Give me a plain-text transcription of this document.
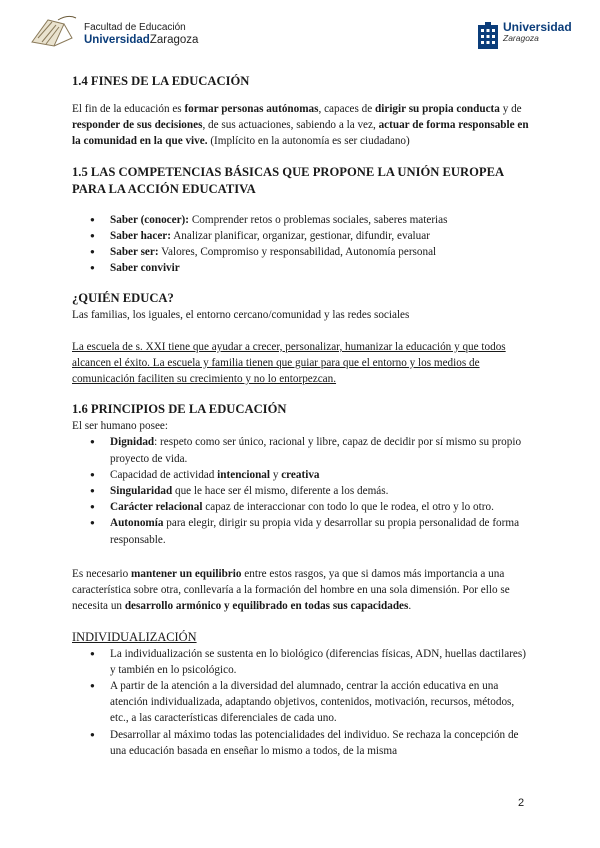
Facultad de Educación
UniversidadZaragoza
Universidad
Zaragoza
1.4 FINES DE LA EDUCACIÓN

El fin de la educación es formar personas autónomas, capaces de dirigir su propia conducta y de responder de sus decisiones, de sus actuaciones, sabiendo a la vez, actuar de forma responsable en la comunidad en la que vive. (Implícito en la autonomía es ser ciudadano)

1.5 LAS COMPETENCIAS BÁSICAS QUE PROPONE LA UNIÓN EUROPEA PARA LA ACCIÓN EDUCATIVA
● Saber (conocer): Comprender retos o problemas sociales, saberes materias
● Saber hacer: Analizar planificar, organizar, gestionar, difundir, evaluar
● Saber ser: Valores, Compromiso y responsabilidad, Autonomía personal
● Saber convivir
¿QUIÉN EDUCA?

Las familias, los iguales, el entorno cercano/comunidad y las redes sociales

La escuela de s. XXI tiene que ayudar a crecer, personalizar, humanizar la educación y que todos alcancen el éxito. La escuela y familia tienen que guiar para que el entorno y los medios de comunicación faciliten su crecimiento y no lo entorpezcan.

1.6 PRINCIPIOS DE LA EDUCACIÓN

El ser humano posee:

● Dignidad: respeto como ser único, racional y libre, capaz de decidir por sí mismo su propio proyecto de vida.
● Capacidad de actividad intencional y creativa
● Singularidad que le hace ser él mismo, diferente a los demás.
● Carácter relacional capaz de interaccionar con todo lo que le rodea, el otro y lo otro.
● Autonomía para elegir, dirigir su propia vida y desarrollar su propia personalidad de forma responsable.

Es necesario mantener un equilibrio entre estos rasgos, ya que si damos más importancia a una característica sobre otra, conllevaría a la formación del hombre en una sola dimensión. Por ello se necesita un desarrollo armónico y equilibrado en todas sus capacidades.

INDIVIDUALIZACIÓN

● La individualización se sustenta en lo biológico (diferencias físicas, ADN, huellas dactilares) y también en lo psicológico.
● A partir de la atención a la diversidad del alumnado, centrar la acción educativa en una atención individualizada, adaptando objetivos, contenidos, motivación, recursos, métodos, etc., a las características diferenciales de cada uno.
● Desarrollar al máximo todas las potencialidades del individuo. Se rechaza la concepción de una educación basada en enseñar lo mismo a todos, de la misma
2
